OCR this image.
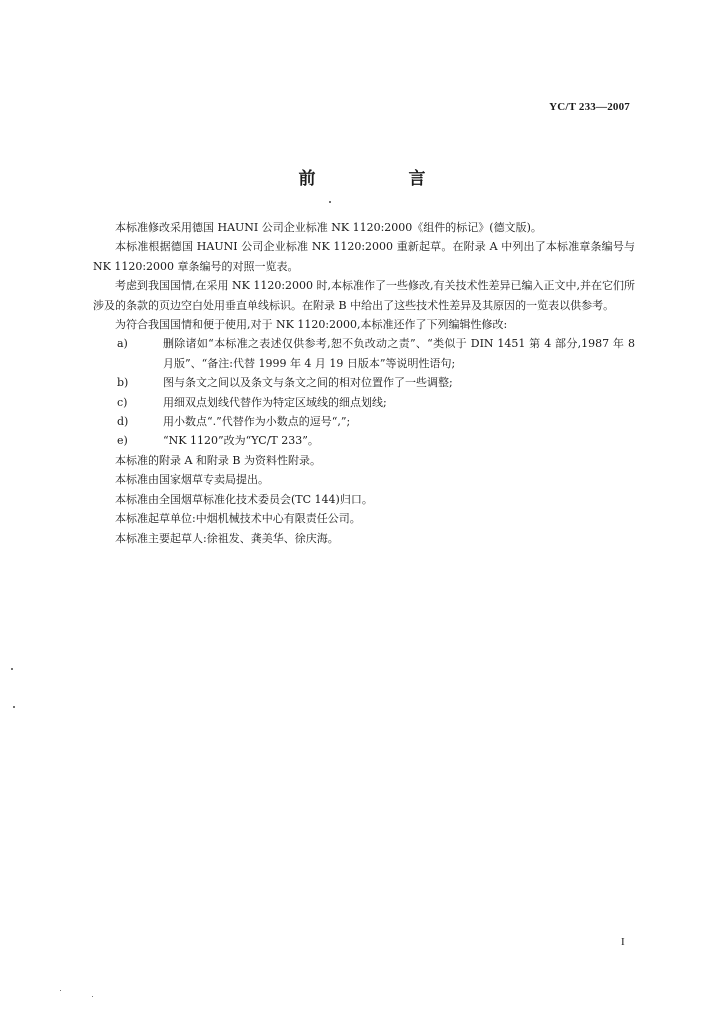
YC/T 233—2007
前　言

本标准修改采用德国 HAUNI 公司企业标准 NK 1120:2000《组件的标记》(德文版)。

本标准根据德国 HAUNI 公司企业标准 NK 1120:2000 重新起草。在附录 A 中列出了本标准章条编号与 NK 1120:2000 章条编号的对照一览表。

考虑到我国国情,在采用 NK 1120:2000 时,本标准作了一些修改,有关技术性差异已编入正文中,并在它们所涉及的条款的页边空白处用垂直单线标识。在附录 B 中给出了这些技术性差异及其原因的一览表以供参考。

为符合我国国情和便于使用,对于 NK 1120:2000,本标准还作了下列编辑性修改:

a)	删除诸如“本标准之表述仅供参考,恕不负改动之责”、“类似于 DIN 1451 第 4 部分,1987 年 8 月版”、“备注:代替 1999 年 4 月 19 日版本”等说明性语句;
b)	图与条文之间以及条文与条文之间的相对位置作了一些调整;
c)	用细双点划线代替作为特定区域线的细点划线;
d)	用小数点“.”代替作为小数点的逗号“,”;
e)	“NK 1120”改为“YC/T 233”。

本标准的附录 A 和附录 B 为资料性附录。

本标准由国家烟草专卖局提出。

本标准由全国烟草标准化技术委员会(TC 144)归口。

本标准起草单位:中烟机械技术中心有限责任公司。

本标准主要起草人:徐祖发、龚美华、徐庆海。

I
